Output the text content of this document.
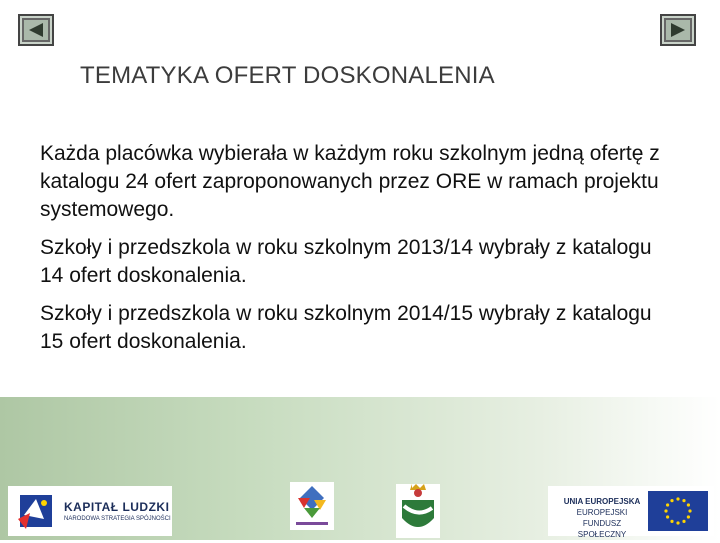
TEMATYKA OFERT DOSKONALENIA

Każda placówka wybierała w każdym roku szkolnym jedną ofertę z katalogu 24 ofert zaproponowanych przez ORE w ramach projektu systemowego.

Szkoły i przedszkola w roku szkolnym 2013/14 wybrały z katalogu 14 ofert doskonalenia.

Szkoły i przedszkola w roku szkolnym 2014/15 wybrały z katalogu 15 ofert doskonalenia.

KAPITAŁ LUDZKI
NARODOWA STRATEGIA SPÓJNOŚCI
UNIA EUROPEJSKA
EUROPEJSKI
FUNDUSZ SPOŁECZNY
